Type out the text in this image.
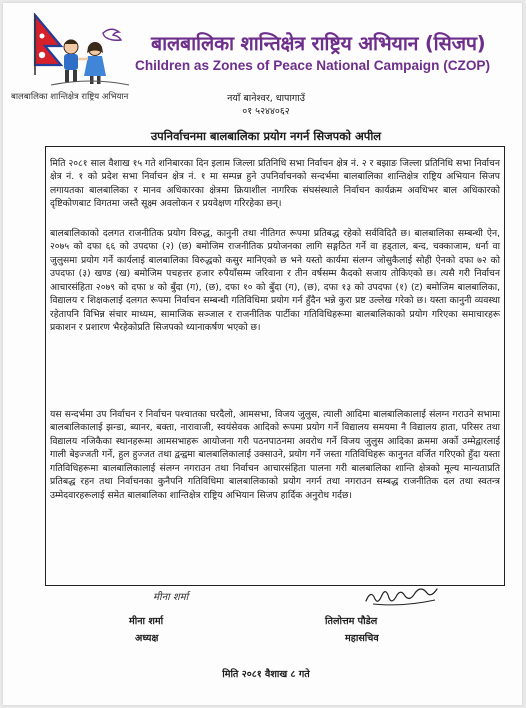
बालबालिका शान्तिक्षेत्र राष्ट्रिय अभियान
बालबालिका शान्तिक्षेत्र राष्ट्रिय अभियान (सिजप)
Children as Zones of Peace National Campaign (CZOP)
नयाँ बानेश्वर, धापागाउँ
०१ ५२४४०६२
उपनिर्वाचनमा बालबालिका प्रयोग नगर्न सिजपको अपील

मिति २०८१ साल वैशाख १५ गते शनिबारका दिन इलाम जिल्ला प्रतिनिधि सभा निर्वाचन क्षेत्र नं. २ र बझाङ जिल्ला प्रतिनिधि सभा निर्वाचन क्षेत्र नं. १ को प्रदेश सभा निर्वाचन क्षेत्र नं. १ मा सम्पन्न हुने उपनिर्वाचनको सन्दर्भमा बालबालिका शान्तिक्षेत्र राष्ट्रिय अभियान सिजप लगायतका बालबालिका र मानव अधिकारका क्षेत्रमा क्रियाशील नागरिक संघसंस्थाले निर्वाचन कार्यक्रम अवधिभर बाल अधिकारको दृष्टिकोणबाट विगतमा जस्तै सूक्ष्म अवलोकन र प्रयवेक्षण गरिरहेका छन्।

बालबालिकाको दलगत राजनीतिक प्रयोग विरुद्ध, कानुनी तथा नीतिगत रूपमा प्रतिबद्ध रहेको सर्वविदितै छ। बालबालिका सम्बन्धी ऐन, २०७५ को दफा ६६ को उपदफा (२) (छ) बमोजिम राजनीतिक प्रयोजनका लागि सङ्गठित गर्ने वा हड्ताल, बन्द, चक्काजाम, धर्ना वा जुलुसमा प्रयोग गर्ने कार्यलाई बालबालिका विरुद्धको कसुर मानिएको छ भने यस्तो कार्यमा संलग्न जोसुकैलाई सोही ऐनको दफा ७२ को उपदफा (३) खण्ड (ख) बमोजिम पचहत्तर हजार रुपैयाँसम्म जरिवाना र तीन वर्षसम्म कैदको सजाय तोकिएको छ। त्यसै गरी निर्वाचन आचारसंहिता २०७९ को दफा ४ को बुँदा (ग), (छ), दफा १० को बुँदा (ग), (छ), दफा १३ को उपदफा (१) (ट) बमोजिम बालबालिका, विद्यालय र शिक्षकलाई दलगत रूपमा निर्वाचन सम्बन्धी गतिविधिमा प्रयोग गर्न हुँदैन भन्ने कुरा प्रष्ट उल्लेख गरेको छ। यस्ता कानुनी व्यवस्था रहेतापनि विभिन्न संचार माध्यम, सामाजिक सञ्जाल र राजनीतिक पार्टीका गतिविधिहरूमा बालबालिकाको प्रयोग गरिएका समाचारहरू प्रकाशन र प्रशारण भैरहेकोप्रति सिजपको ध्यानाकर्षण भएको छ।

यस सन्दर्भमा उप निर्वाचन र निर्वाचन पश्चातका घरदैलो, आमसभा, विजय जुलुस, त्याली आदिमा बालबालिकालाई संलग्न गराउने सभामा बालबालिकालाई झन्डा, ब्यानर, बक्ता, नारावाजी, स्वयंसेवक आदिको रूपमा प्रयोग गर्ने विद्यालय समयमा नै विद्यालय हाता, परिसर तथा विद्यालय नजिकैका स्थानहरूमा आमसभाहरू आयोजना गरी पठनपाठनमा अवरोध गर्ने विजय जुलुस आदिका क्रममा अर्को उम्मेद्वारलाई गाली बेइज्जती गर्ने, हुल हुज्जत तथा द्वन्द्वमा बालबालिकालाई उक्साउने, प्रयोग गर्ने जस्ता गतिविधिहरू कानुनत वर्जित गरिएको हुँदा यस्ता गतिविधिहरूमा बालबालिकालाई संलग्न नगराउन तथा निर्वाचन आचारसंहिता पालना गरी बालबालिका शान्ति क्षेत्रको मूल्य मान्यताप्रति प्रतिबद्ध रहन तथा निर्वाचनका कुनैपनि गतिविधिमा बालबालिकाको प्रयोग नगर्न तथा नगराउन सम्बद्ध राजनीतिक दल तथा स्वतन्त्र उम्मेदवारहरूलाई समेत बालबालिका शान्तिक्षेत्र राष्ट्रिय अभियान सिजप हार्दिक अनुरोध गर्दछ।

मीना शर्मा
मीना शर्मा
अध्यक्ष
तिलोत्तम पौडेल
महासचिव
मिति २०८१ वैशाख ८ गते
